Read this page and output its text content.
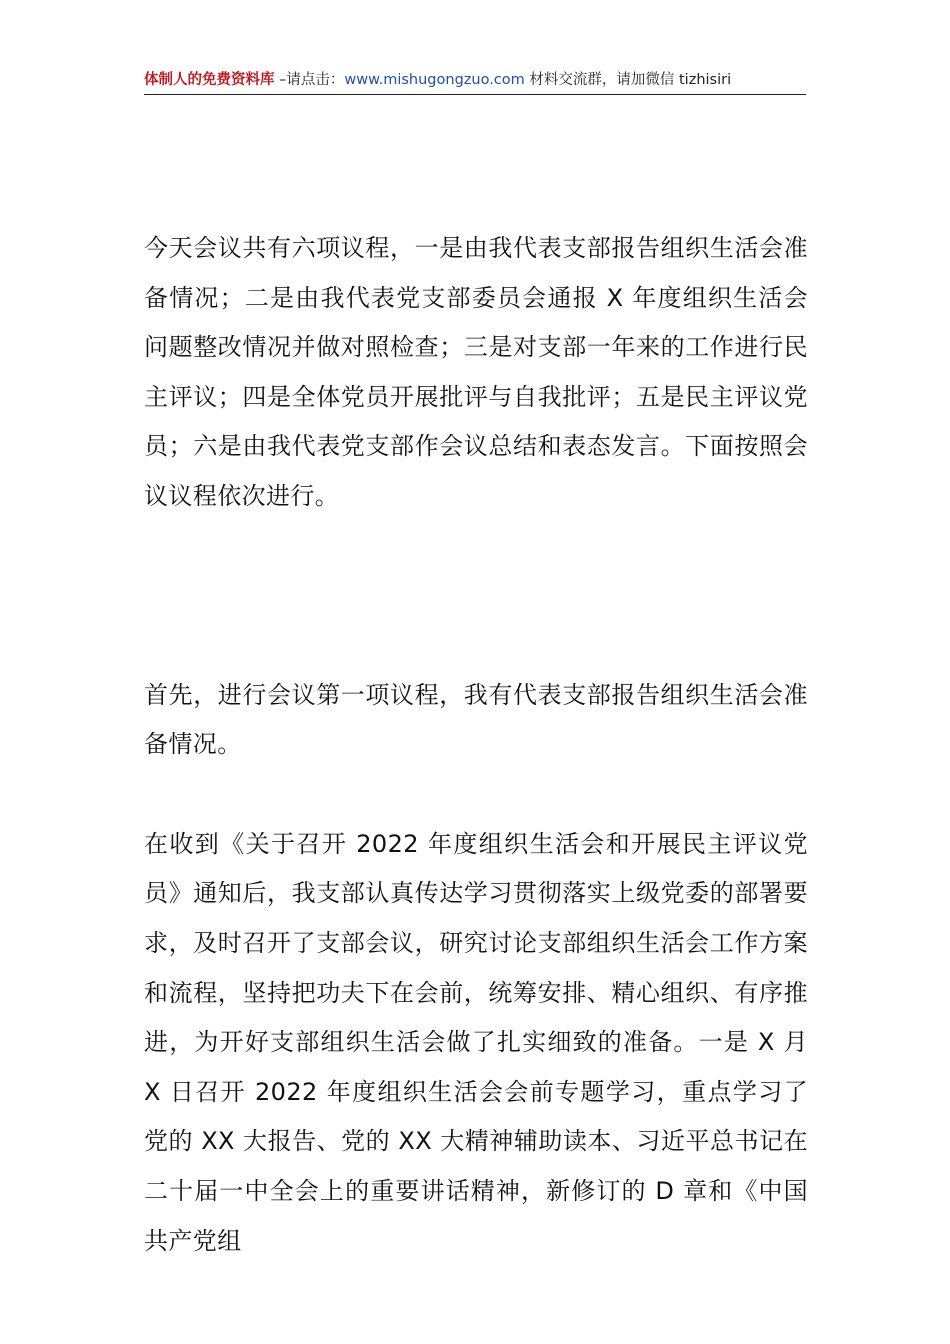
体制人的免费资料库 –请点击：www.mishugongzuo.com 材料交流群，请加微信 tizhisiri

今天会议共有六项议程，一是由我代表支部报告组织生活会准备情况；二是由我代表党支部委员会通报 X 年度组织生活会问题整改情况并做对照检查；三是对支部一年来的工作进行民主评议；四是全体党员开展批评与自我批评；五是民主评议党员；六是由我代表党支部作会议总结和表态发言。下面按照会议议程依次进行。

首先，进行会议第一项议程，我有代表支部报告组织生活会准备情况。

在收到《关于召开 2022 年度组织生活会和开展民主评议党员》通知后，我支部认真传达学习贯彻落实上级党委的部署要求，及时召开了支部会议，研究讨论支部组织生活会工作方案和流程，坚持把功夫下在会前，统筹安排、精心组织、有序推进，为开好支部组织生活会做了扎实细致的准备。一是 X 月 X 日召开 2022 年度组织生活会会前专题学习，重点学习了党的 XX 大报告、党的 XX 大精神辅助读本、习近平总书记在二十届一中全会上的重要讲话精神，新修订的 D 章和《中国共产党组
